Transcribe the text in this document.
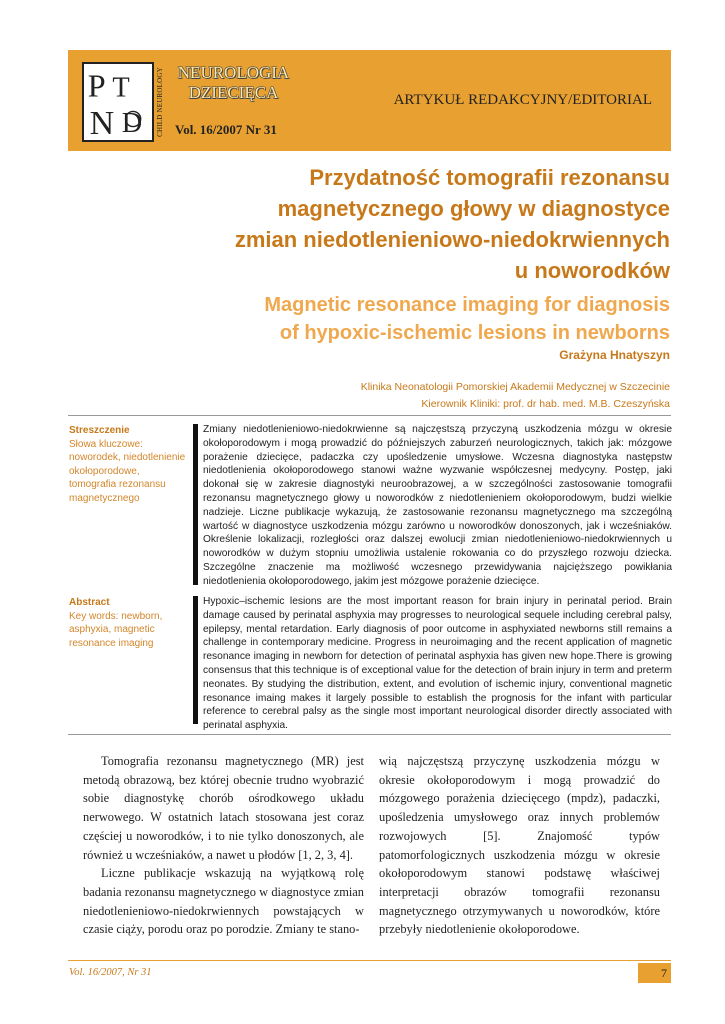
P T
N D CHILD NEUROLOGY NEUROLOGIA
DZIECIĘCA
Vol. 16/2007 Nr 31
ARTYKUŁ REDAKCYJNY/EDITORIAL
Przydatność tomografii rezonansu
magnetycznego głowy w diagnostyce
zmian niedotlenieniowo-niedokrwiennych
u noworodków
Magnetic resonance imaging for diagnosis
of hypoxic-ischemic lesions in newborns
Grażyna Hnatyszyn
Klinika Neonatologii Pomorskiej Akademii Medycznej w Szczecinie
Kierownik Kliniki: prof. dr hab. med. M.B. Czeszyńska
Streszczenie
Słowa kluczowe: noworodek, niedotlenienie okołoporodowe, tomografia rezonansu magnetycznego
Zmiany niedotlenieniowo-niedokrwienne są najczęstszą przyczyną uszkodzenia mózgu w okresie okołoporodowym i mogą prowadzić do późniejszych zaburzeń neurologicznych, takich jak: mózgowe porażenie dziecięce, padaczka czy upośledzenie umysłowe. Wczesna diagnostyka następstw niedotlenienia okołoporodowego stanowi ważne wyzwanie współczesnej medycyny. Postęp, jaki dokonał się w zakresie diagnostyki neuroobrazowej, a w szczególności zastosowanie tomografii rezonansu magnetycznego głowy u noworodków z niedotlenieniem okołoporodowym, budzi wielkie nadzieje. Liczne publikacje wykazują, że zastosowanie rezonansu magnetycznego ma szczególną wartość w diagnostyce uszkodzenia mózgu zarówno u noworodków donoszonych, jak i wcześniaków. Określenie lokalizacji, rozległości oraz dalszej ewolucji zmian niedotlenieniowo-niedokrwiennych u noworodków w dużym stopniu umożliwia ustalenie rokowania co do przyszłego rozwoju dziecka. Szczególne znaczenie ma możliwość wczesnego przewidywania najcięższego powikłania niedotlenienia okołoporodowego, jakim jest mózgowe porażenie dziecięce.
Abstract
Key words: newborn, asphyxia, magnetic resonance imaging
Hypoxic–ischemic lesions are the most important reason for brain injury in perinatal period. Brain damage caused by perinatal asphyxia may progresses to neurological sequele including cerebral palsy, epilepsy, mental retardation. Early diagnosis of poor outcome in asphyxiated newborns still remains a challenge in contemporary medicine. Progress in neuroimaging and the recent application of magnetic resonance imaging in newborn for detection of perinatal asphyxia has given new hope.There is growing consensus that this technique is of exceptional value for the detection of brain injury in term and preterm neonates. By studying the distribution, extent, and evolution of ischemic injury, conventional magnetic resonance imaing makes it largely possible to establish the prognosis for the infant with particular reference to cerebral palsy as the single most important neurological disorder directly associated with perinatal asphyxia.

Tomografia rezonansu magnetycznego (MR) jest metodą obrazową, bez której obecnie trudno wyobrazić sobie diagnostykę chorób ośrodkowego układu nerwowego. W ostatnich latach stosowana jest coraz częściej u noworodków, i to nie tylko donoszonych, ale również u wcześniaków, a nawet u płodów [1, 2, 3, 4].

Liczne publikacje wskazują na wyjątkową rolę badania rezonansu magnetycznego w diagnostyce zmian niedotlenieniowo-niedokrwiennych powstających w czasie ciąży, porodu oraz po porodzie. Zmiany te stano-

wią najczęstszą przyczynę uszkodzenia mózgu w okresie okołoporodowym i mogą prowadzić do mózgowego porażenia dziecięcego (mpdz), padaczki, upośledzenia umysłowego oraz innych problemów rozwojowych [5]. Znajomość typów patomorfologicznych uszkodzenia mózgu w okresie okołoporodowym stanowi podstawę właściwej interpretacji obrazów tomografii rezonansu magnetycznego otrzymywanych u noworodków, które przebyły niedotlenienie okołoporodowe.

Vol. 16/2007, Nr 31	7
